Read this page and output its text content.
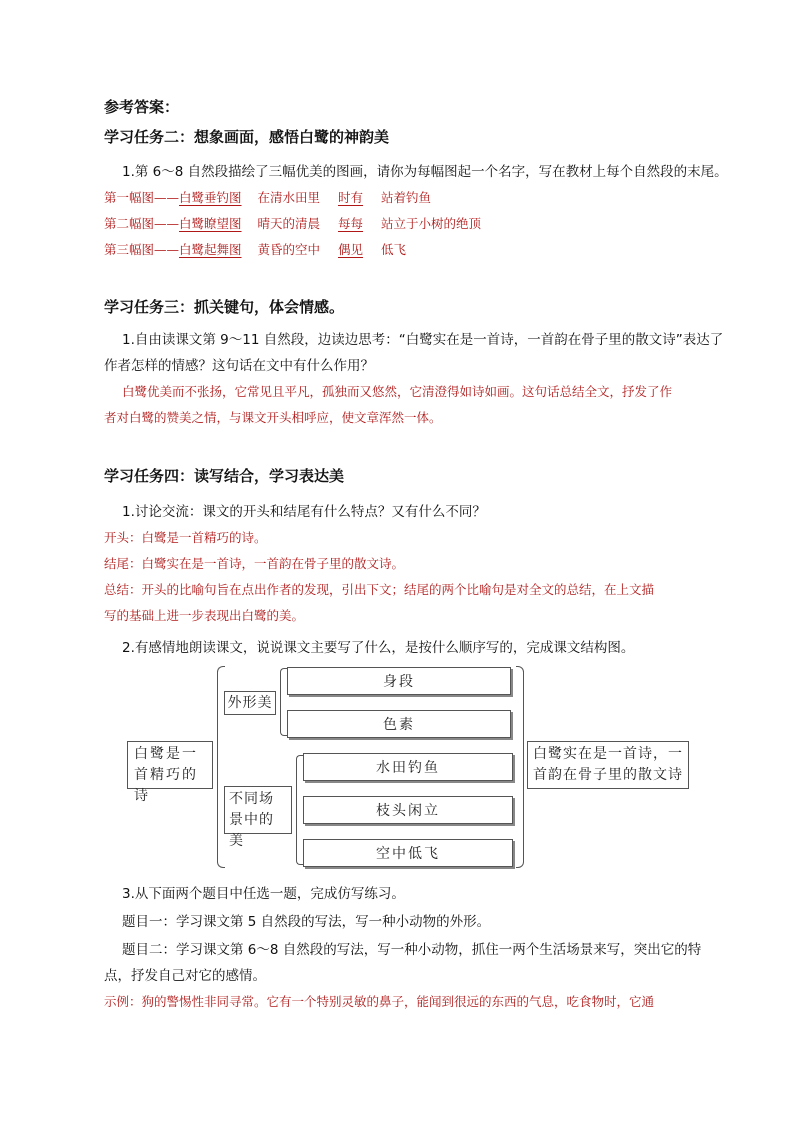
参考答案：
学习任务二：想象画面，感悟白鹭的神韵美
1.第 6～8 自然段描绘了三幅优美的图画，请你为每幅图起一个名字，写在教材上每个自然段的末尾。
第一幅图——白鹭垂钓图 在清水田里 时有 站着钓鱼
第二幅图——白鹭瞭望图 晴天的清晨 每每 站立于小树的绝顶
第三幅图——白鹭起舞图 黄昏的空中 偶见 低飞
学习任务三：抓关键句，体会情感。
1.自由读课文第 9～11 自然段，边读边思考：“白鹭实在是一首诗，一首韵在骨子里的散文诗”表达了
作者怎样的情感？这句话在文中有什么作用？
白鹭优美而不张扬，它常见且平凡，孤独而又悠然，它清澄得如诗如画。这句话总结全文，抒发了作
者对白鹭的赞美之情，与课文开头相呼应，使文章浑然一体。
学习任务四：读写结合，学习表达美
1.讨论交流：课文的开头和结尾有什么特点？又有什么不同？
开头：白鹭是一首精巧的诗。
结尾：白鹭实在是一首诗，一首韵在骨子里的散文诗。
总结：开头的比喻句旨在点出作者的发现，引出下文；结尾的两个比喻句是对全文的总结，在上文描
写的基础上进一步表现出白鹭的美。
2.有感情地朗读课文，说说课文主要写了什么，是按什么顺序写的，完成课文结构图。
白鹭是一首精巧的诗
外形美
身段
色素
不同场景中的美
水田钓鱼
枝头闲立
空中低飞
白鹭实在是一首诗，一首韵在骨子里的散文诗
3.从下面两个题目中任选一题，完成仿写练习。
题目一：学习课文第 5 自然段的写法，写一种小动物的外形。
题目二：学习课文第 6～8 自然段的写法，写一种小动物，抓住一两个生活场景来写，突出它的特
点，抒发自己对它的感情。
示例：狗的警惕性非同寻常。它有一个特别灵敏的鼻子，能闻到很远的东西的气息，吃食物时，它通
